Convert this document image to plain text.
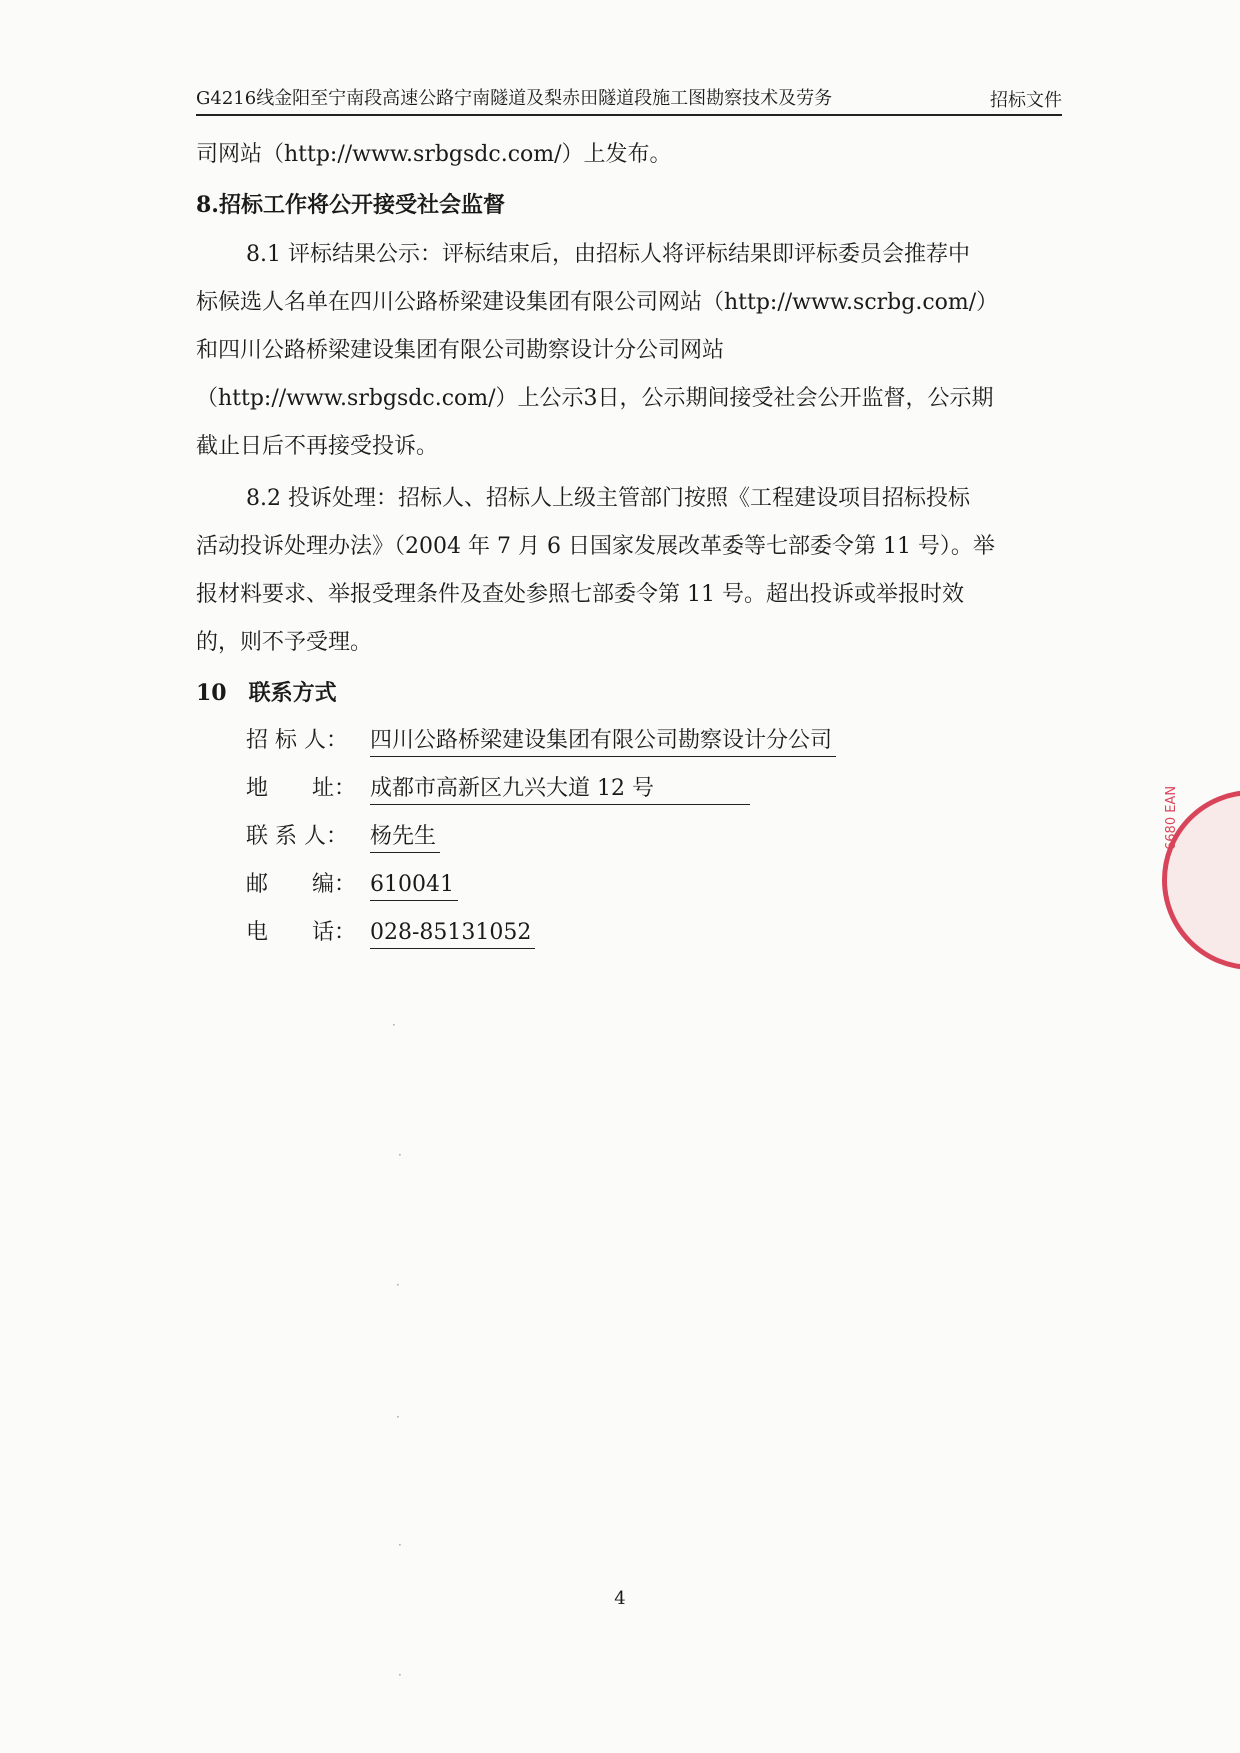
G4216线金阳至宁南段高速公路宁南隧道及梨赤田隧道段施工图勘察技术及劳务	招标文件
司网站（http://www.srbgsdc.com/）上发布。
8.招标工作将公开接受社会监督
8.1 评标结果公示：评标结束后，由招标人将评标结果即评标委员会推荐中
标候选人名单在四川公路桥梁建设集团有限公司网站（http://www.scrbg.com/）
和四川公路桥梁建设集团有限公司勘察设计分公司网站
（http://www.srbgsdc.com/）上公示3日，公示期间接受社会公开监督，公示期
截止日后不再接受投诉。
8.2 投诉处理：招标人、招标人上级主管部门按照《工程建设项目招标投标
活动投诉处理办法》（2004 年 7 月 6 日国家发展改革委等七部委令第 11 号）。举
报材料要求、举报受理条件及查处参照七部委令第 11 号。超出投诉或举报时效
的，则不予受理。
10　联系方式
招 标 人： 四川公路桥梁建设集团有限公司勘察设计分公司
地　　址： 成都市高新区九兴大道 12 号
联 系 人： 杨先生
邮　　编： 610041
电　　话： 028-85131052
6680 EAN
·
·
·
·
·
·
4
